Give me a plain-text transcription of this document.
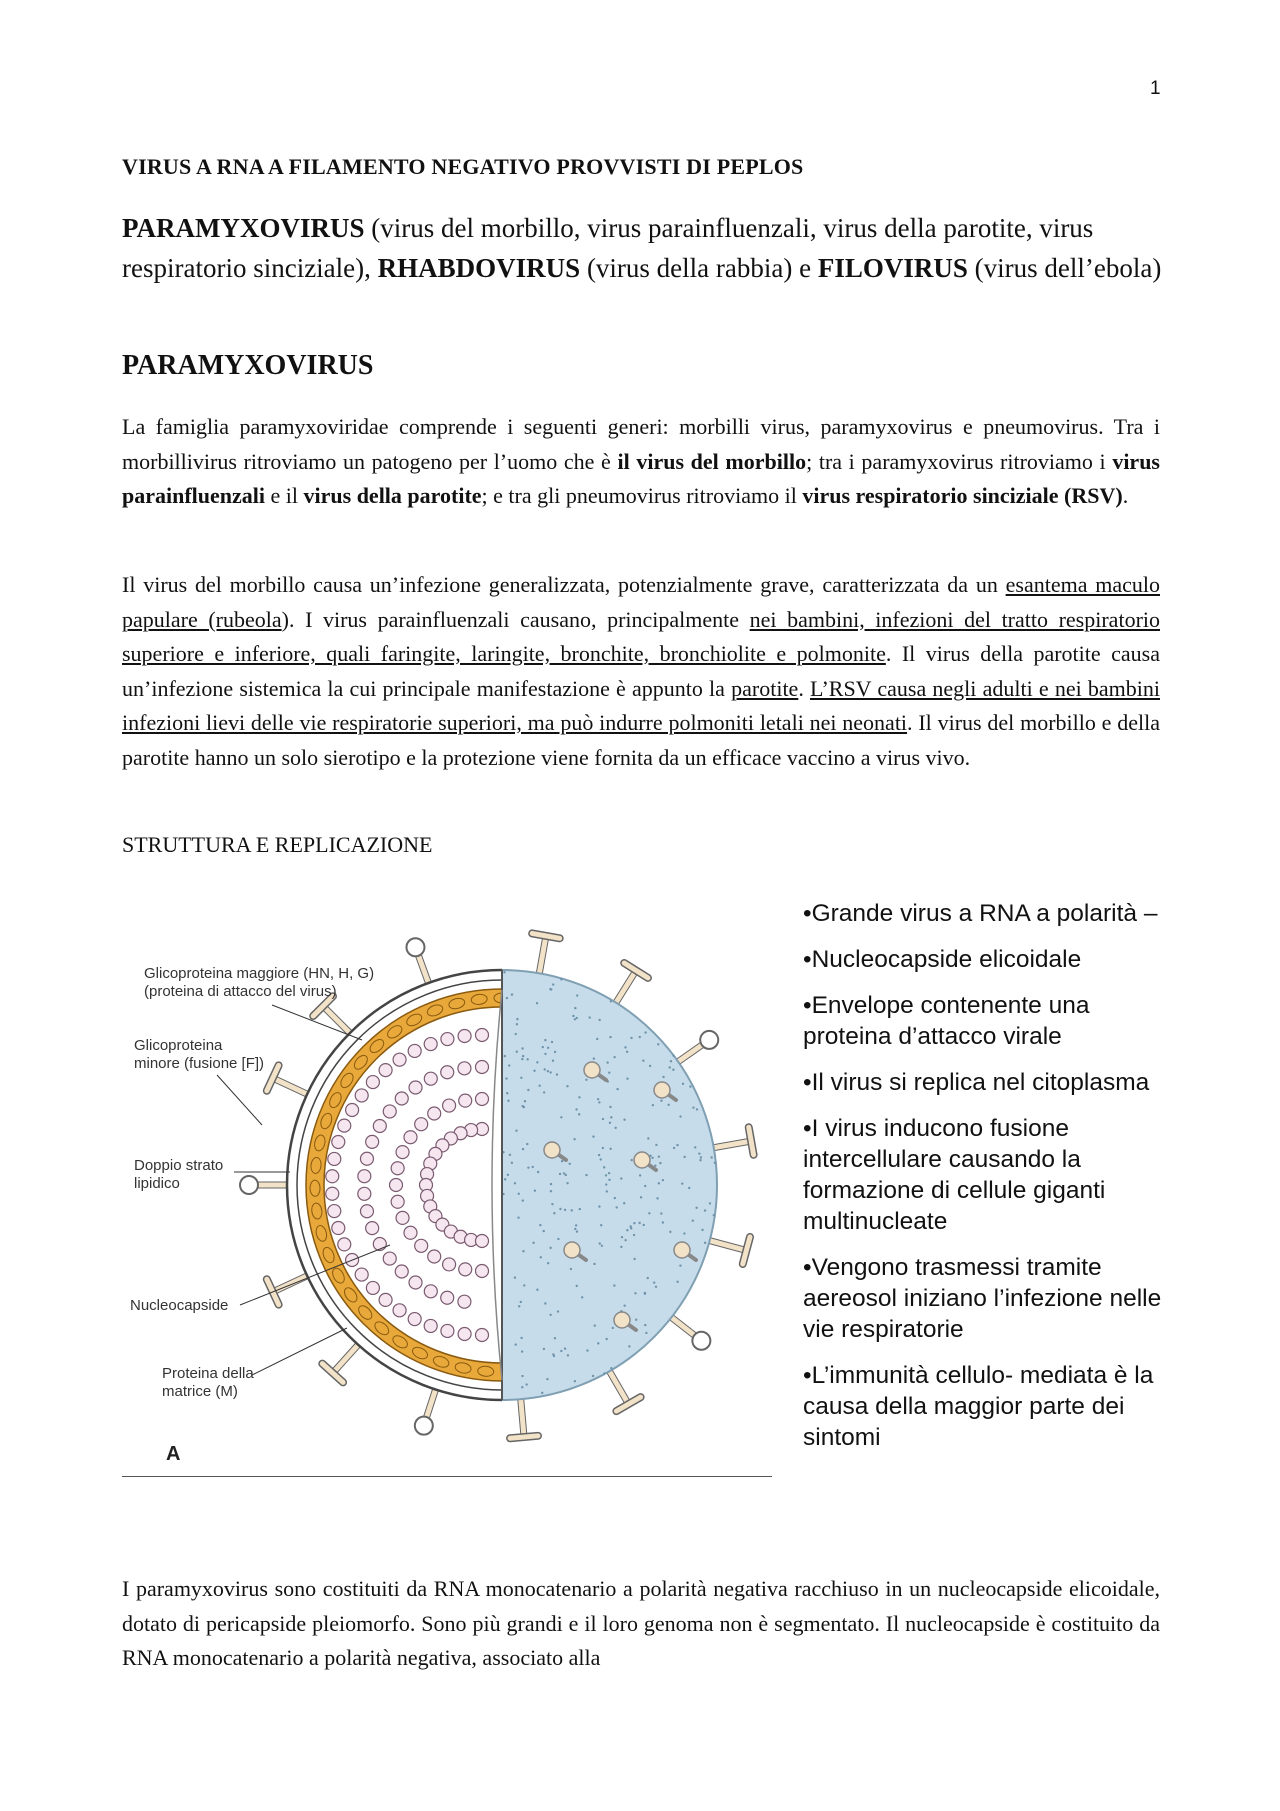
1
VIRUS A RNA A FILAMENTO NEGATIVO PROVVISTI DI PEPLOS
PARAMYXOVIRUS (virus del morbillo, virus parainfluenzali, virus della parotite, virus respiratorio sinciziale), RHABDOVIRUS (virus della rabbia) e FILOVIRUS (virus dell’ebola)
PARAMYXOVIRUS
La famiglia paramyxoviridae comprende i seguenti generi: morbilli virus, paramyxovirus e pneumovirus. Tra i morbillivirus ritroviamo un patogeno per l’uomo che è il virus del morbillo; tra i paramyxovirus ritroviamo i virus parainfluenzali e il virus della parotite; e tra gli pneumovirus ritroviamo il virus respiratorio sinciziale (RSV).
Il virus del morbillo causa un’infezione generalizzata, potenzialmente grave, caratterizzata da un esantema maculo papulare (rubeola). I virus parainfluenzali causano, principalmente nei bambini, infezioni del tratto respiratorio superiore e inferiore, quali faringite, laringite, bronchite, bronchiolite e polmonite. Il virus della parotite causa un’infezione sistemica la cui principale manifestazione è appunto la parotite. L’RSV causa negli adulti e nei bambini infezioni lievi delle vie respiratorie superiori, ma può indurre polmoniti letali nei neonati. Il virus del morbillo e della parotite hanno un solo sierotipo e la protezione viene fornita da un efficace vaccino a virus vivo.
STRUTTURA E REPLICAZIONE
Glicoproteina maggiore (HN, H, G)
(proteina di attacco del virus)
Glicoproteina
minore (fusione [F])
Doppio strato
lipidico
Nucleocapside
Proteina della
matrice (M)
A
•Grande virus a RNA a polarità –
•Nucleocapside elicoidale
•Envelope contenente una proteina d’attacco virale
•Il virus si replica nel citoplasma
•I virus inducono fusione intercellulare causando la formazione di cellule giganti multinucleate
•Vengono trasmessi tramite aereosol iniziano l’infezione nelle vie respiratorie
•L’immunità cellulo- mediata è la causa della maggior parte dei sintomi
I paramyxovirus sono costituiti da RNA monocatenario a polarità negativa racchiuso in un nucleocapside elicoidale, dotato di pericapside pleiomorfo. Sono più grandi e il loro genoma non è segmentato. Il nucleocapside è costituito da RNA monocatenario a polarità negativa, associato alla
